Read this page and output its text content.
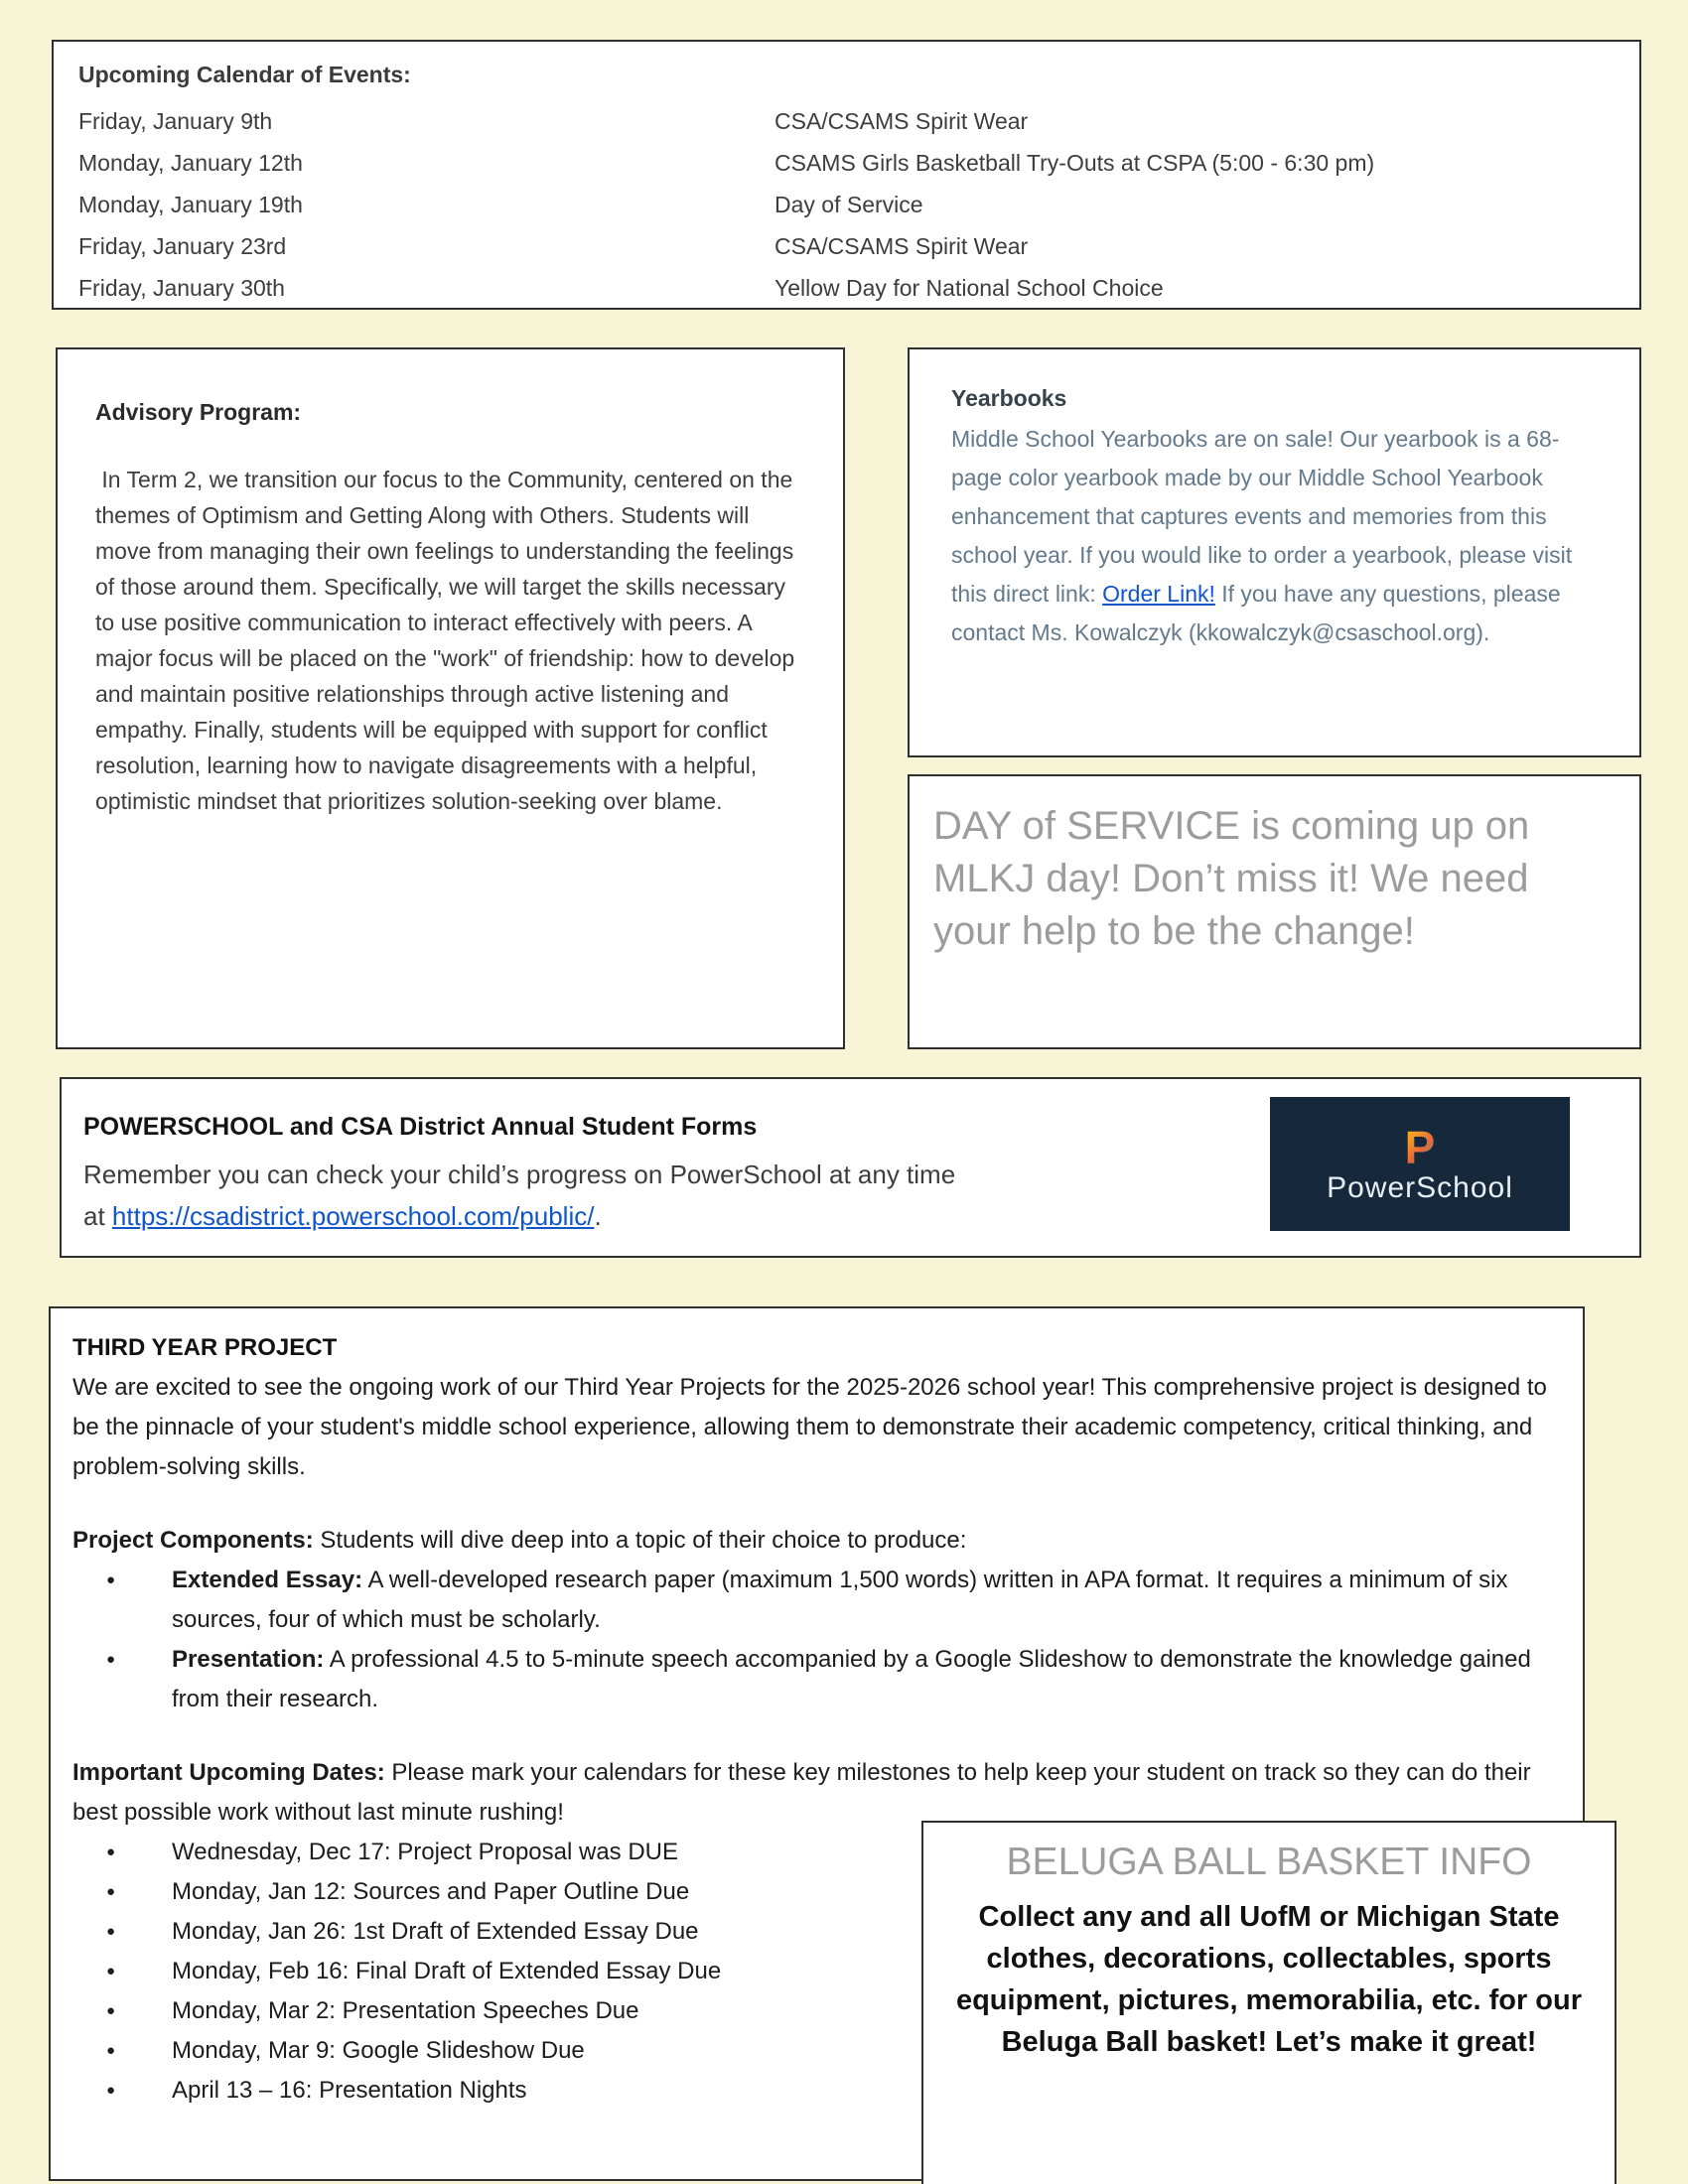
Upcoming Calendar of Events:
Friday, January 9th	CSA/CSAMS Spirit Wear
Monday, January 12th	CSAMS Girls Basketball Try-Outs at CSPA (5:00 - 6:30 pm)
Monday, January 19th	Day of Service
Friday, January 23rd	CSA/CSAMS Spirit Wear
Friday, January 30th	Yellow Day for National School Choice
Advisory Program:

In Term 2, we transition our focus to the Community, centered on the themes of Optimism and Getting Along with Others. Students will move from managing their own feelings to understanding the feelings of those around them. Specifically, we will target the skills necessary to use positive communication to interact effectively with peers. A major focus will be placed on the "work" of friendship: how to develop and maintain positive relationships through active listening and empathy. Finally, students will be equipped with support for conflict resolution, learning how to navigate disagreements with a helpful, optimistic mindset that prioritizes solution-seeking over blame.

Yearbooks

Middle School Yearbooks are on sale! Our yearbook is a 68-page color yearbook made by our Middle School Yearbook enhancement that captures events and memories from this school year. If you would like to order a yearbook, please visit this direct link: Order Link! If you have any questions, please contact Ms. Kowalczyk (kkowalczyk@csaschool.org).

DAY of SERVICE is coming up on MLKJ day! Don’t miss it! We need your help to be the change!

POWERSCHOOL and CSA District Annual Student Forms

Remember you can check your child’s progress on PowerSchool at any time at https://csadistrict.powerschool.com/public/.

P
PowerSchool
THIRD YEAR PROJECT

We are excited to see the ongoing work of our Third Year Projects for the 2025-2026 school year! This comprehensive project is designed to be the pinnacle of your student's middle school experience, allowing them to demonstrate their academic competency, critical thinking, and problem-solving skills.

Project Components: Students will dive deep into a topic of their choice to produce:

●	Extended Essay: A well-developed research paper (maximum 1,500 words) written in APA format. It requires a minimum of six sources, four of which must be scholarly.

●	Presentation: A professional 4.5 to 5-minute speech accompanied by a Google Slideshow to demonstrate the knowledge gained from their research.

Important Upcoming Dates: Please mark your calendars for these key milestones to help keep your student on track so they can do their best possible work without last minute rushing!

●	Wednesday, Dec 17: Project Proposal was DUE

●	Monday, Jan 12: Sources and Paper Outline Due

●	Monday, Jan 26: 1st Draft of Extended Essay Due

●	Monday, Feb 16: Final Draft of Extended Essay Due

●	Monday, Mar 2: Presentation Speeches Due

●	Monday, Mar 9: Google Slideshow Due

●	April 13 – 16: Presentation Nights

BELUGA BALL BASKET INFO

Collect any and all UofM or Michigan State clothes, decorations, collectables, sports equipment, pictures, memorabilia, etc. for our Beluga Ball basket! Let’s make it great!
